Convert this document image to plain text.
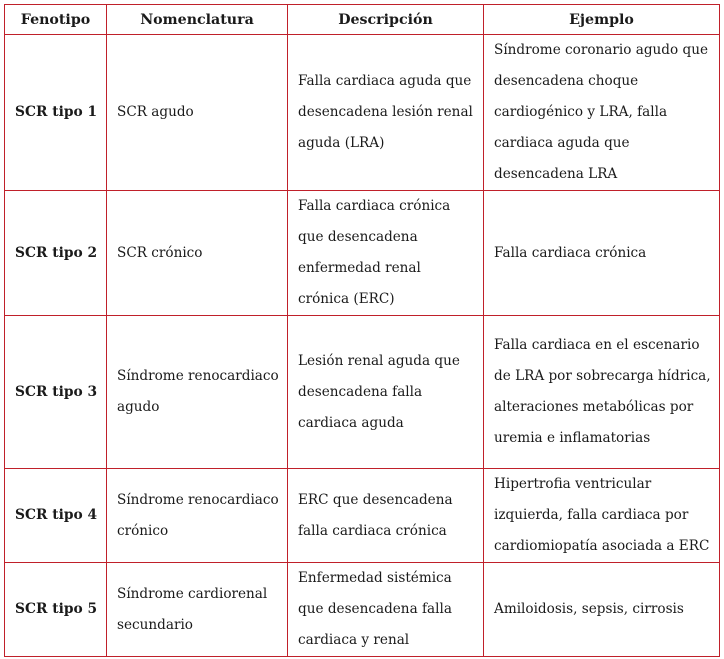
Fenotipo	Nomenclatura	Descripción	Ejemplo
SCR tipo 1	SCR agudo	Falla cardiaca aguda que desencadena lesión renal aguda (LRA)	Síndrome coronario agudo que desencadena choque cardiogénico y LRA, falla cardiaca aguda que desencadena LRA
SCR tipo 2	SCR crónico	Falla cardiaca crónica que desencadena enfermedad renal crónica (ERC)	Falla cardiaca crónica
SCR tipo 3	Síndrome renocardiaco agudo	Lesión renal aguda que desencadena falla cardiaca aguda	Falla cardiaca en el escenario de LRA por sobrecarga hídrica, alteraciones metabólicas por uremia e inflamatorias
SCR tipo 4	Síndrome renocardiaco crónico	ERC que desencadena falla cardiaca crónica	Hipertrofia ventricular izquierda, falla cardiaca por cardiomiopatía asociada a ERC
SCR tipo 5	Síndrome cardiorenal secundario	Enfermedad sistémica que desencadena falla cardiaca y renal	Amiloidosis, sepsis, cirrosis
